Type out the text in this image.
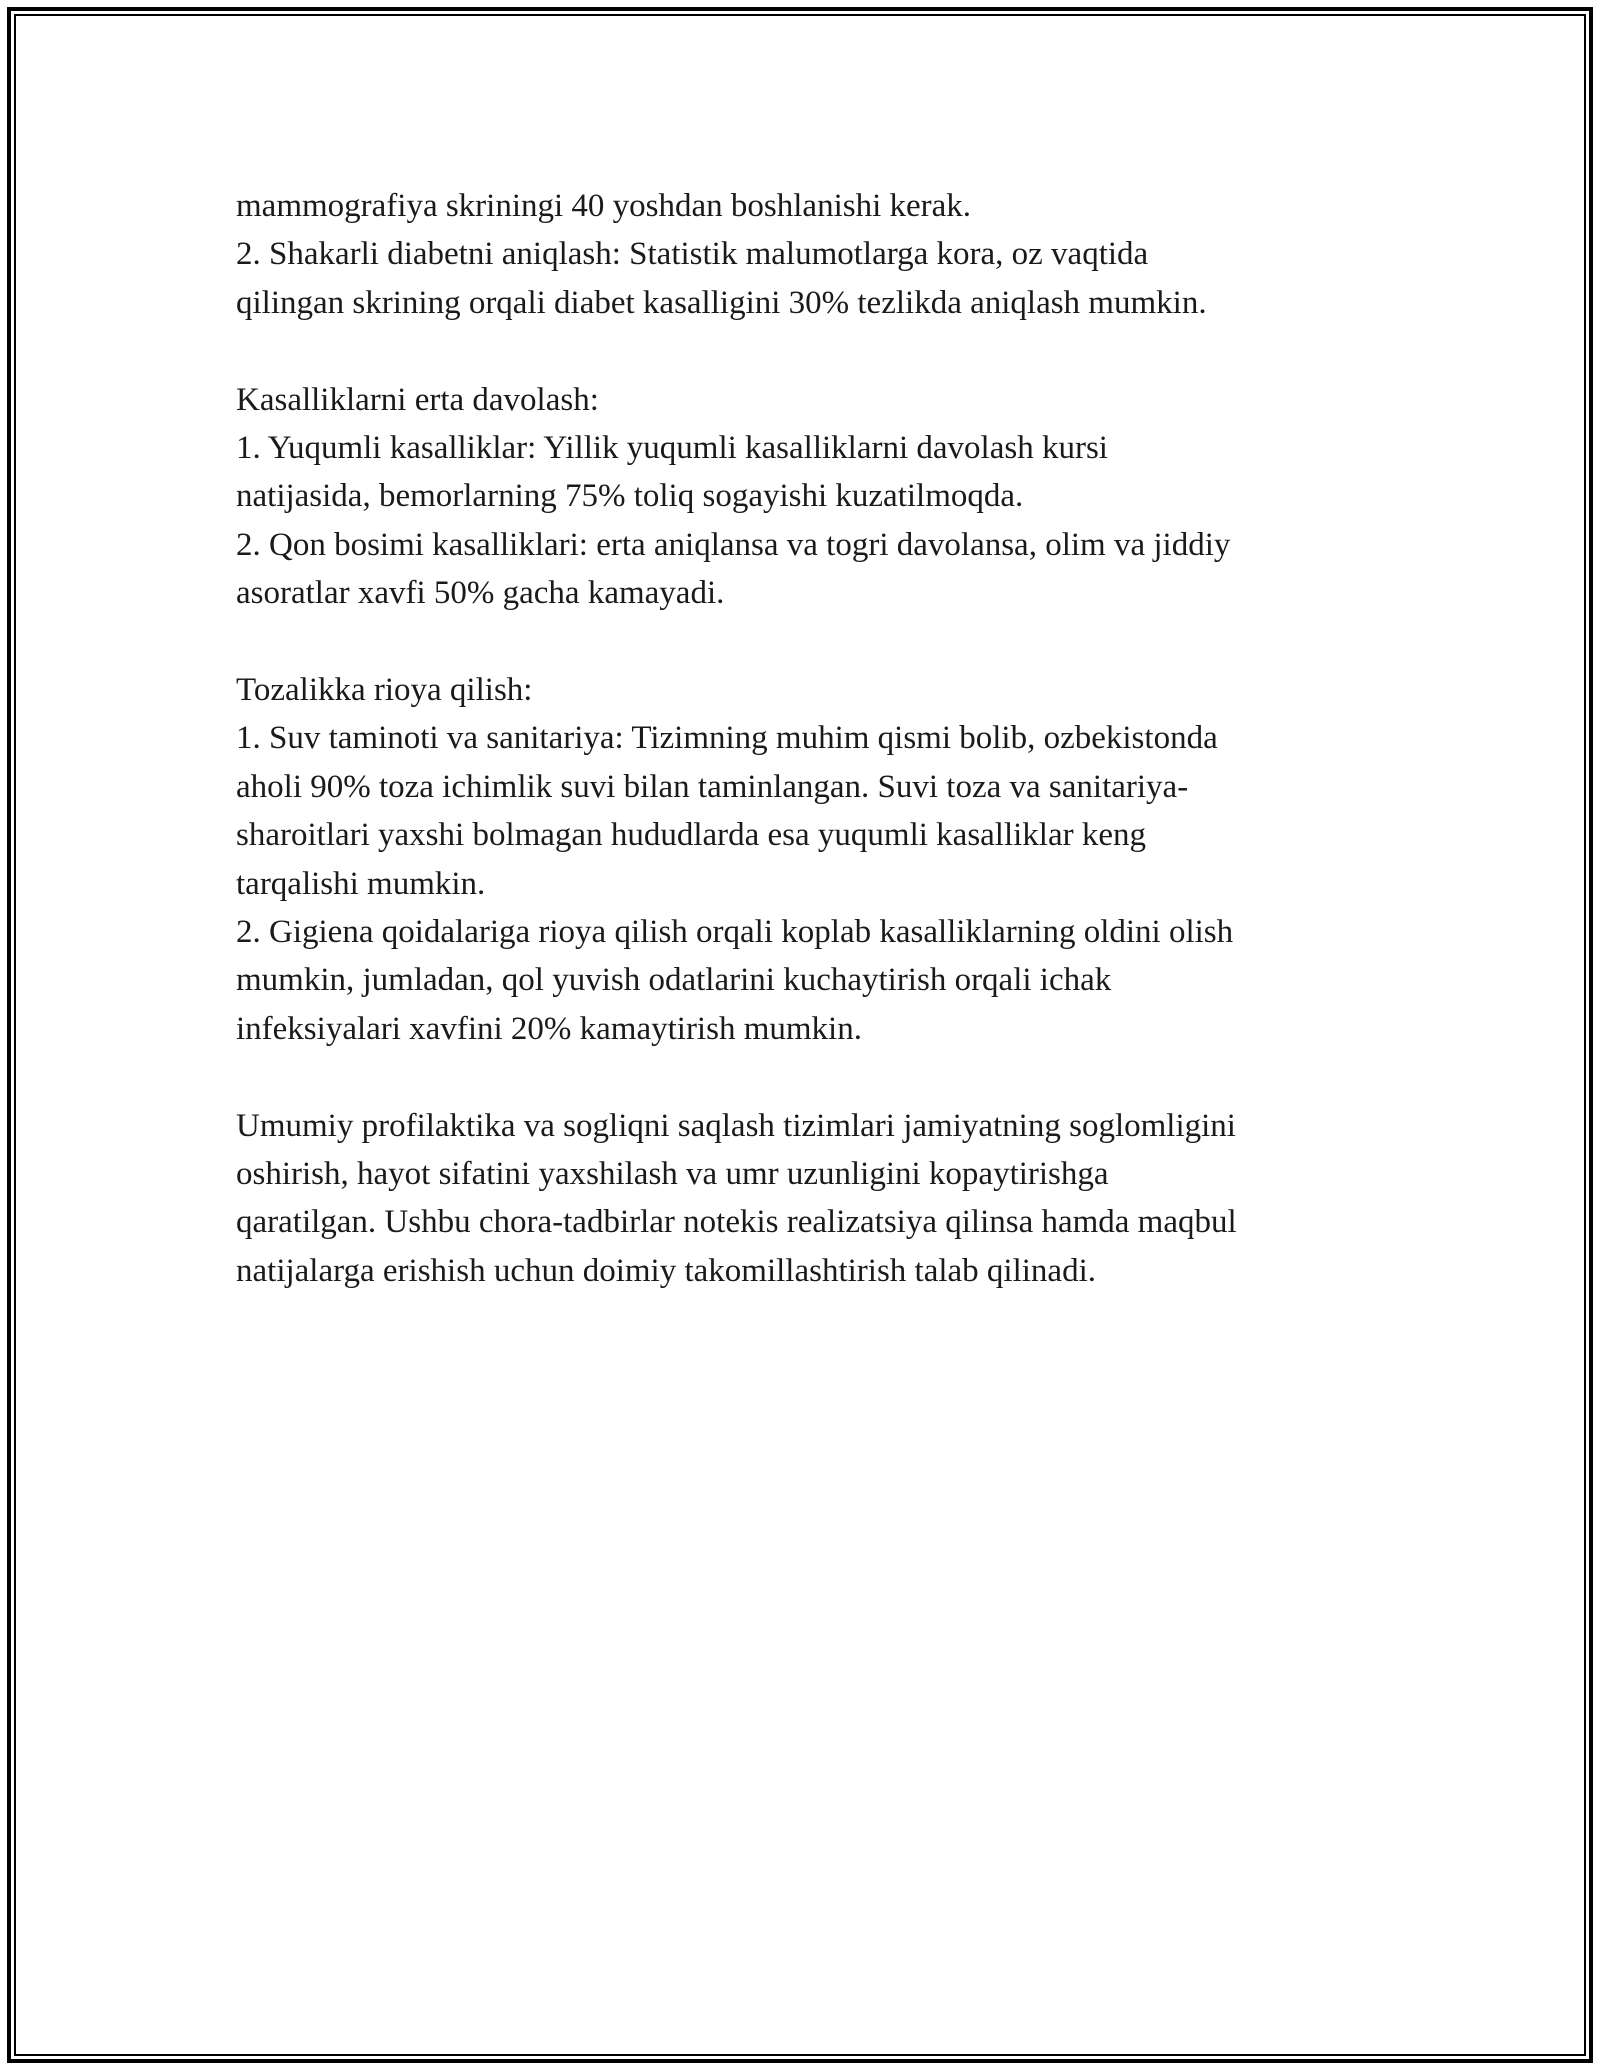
mammografiya skriningi 40 yoshdan boshlanishi kerak.
2. Shakarli diabetni aniqlash: Statistik malumotlarga kora, oz vaqtida
qilingan skrining orqali diabet kasalligini 30% tezlikda aniqlash mumkin.
Kasalliklarni erta davolash:
1. Yuqumli kasalliklar: Yillik yuqumli kasalliklarni davolash kursi
natijasida, bemorlarning 75% toliq sogayishi kuzatilmoqda.
2. Qon bosimi kasalliklari: erta aniqlansa va togri davolansa, olim va jiddiy
asoratlar xavfi 50% gacha kamayadi.
Tozalikka rioya qilish:
1. Suv taminoti va sanitariya: Tizimning muhim qismi bolib, ozbekistonda
aholi 90% toza ichimlik suvi bilan taminlangan. Suvi toza va sanitariya-
sharoitlari yaxshi bolmagan hududlarda esa yuqumli kasalliklar keng
tarqalishi mumkin.
2. Gigiena qoidalariga rioya qilish orqali koplab kasalliklarning oldini olish
mumkin, jumladan, qol yuvish odatlarini kuchaytirish orqali ichak
infeksiyalari xavfini 20% kamaytirish mumkin.
Umumiy profilaktika va sogliqni saqlash tizimlari jamiyatning soglomligini
oshirish, hayot sifatini yaxshilash va umr uzunligini kopaytirishga
qaratilgan. Ushbu chora-tadbirlar notekis realizatsiya qilinsa hamda maqbul
natijalarga erishish uchun doimiy takomillashtirish talab qilinadi.
